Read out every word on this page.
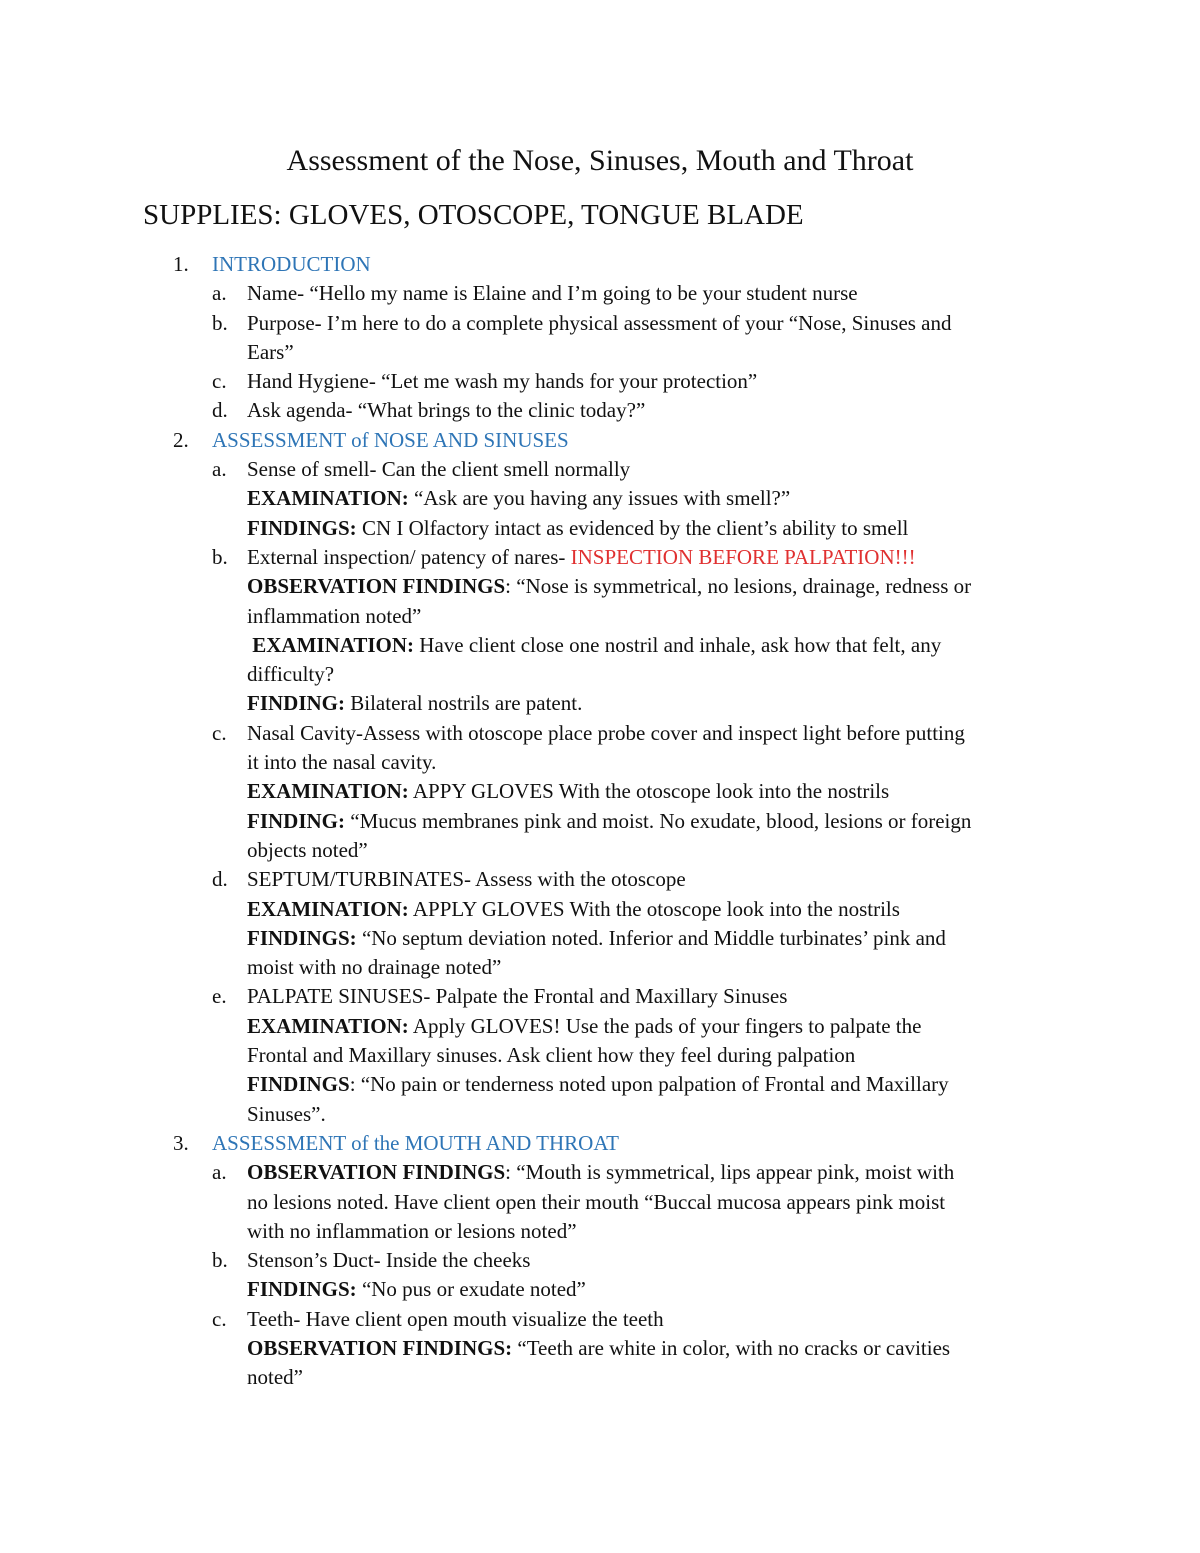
Assessment of the Nose, Sinuses, Mouth and Throat

SUPPLIES: GLOVES, OTOSCOPE, TONGUE BLADE

1. INTRODUCTION
a. Name- “Hello my name is Elaine and I’m going to be your student nurse
b. Purpose- I’m here to do a complete physical assessment of your “Nose, Sinuses and
Ears”
c. Hand Hygiene- “Let me wash my hands for your protection”
d. Ask agenda- “What brings to the clinic today?”
2. ASSESSMENT of NOSE AND SINUSES
a. Sense of smell- Can the client smell normally
EXAMINATION: “Ask are you having any issues with smell?”
FINDINGS: CN I Olfactory intact as evidenced by the client’s ability to smell
b. External inspection/ patency of nares- INSPECTION BEFORE PALPATION!!!
OBSERVATION FINDINGS: “Nose is symmetrical, no lesions, drainage, redness or
inflammation noted”
EXAMINATION: Have client close one nostril and inhale, ask how that felt, any
difficulty?
FINDING: Bilateral nostrils are patent.
c. Nasal Cavity-Assess with otoscope place probe cover and inspect light before putting
it into the nasal cavity.
EXAMINATION: APPY GLOVES With the otoscope look into the nostrils
FINDING: “Mucus membranes pink and moist. No exudate, blood, lesions or foreign
objects noted”
d. SEPTUM/TURBINATES- Assess with the otoscope
EXAMINATION: APPLY GLOVES With the otoscope look into the nostrils
FINDINGS: “No septum deviation noted. Inferior and Middle turbinates’ pink and
moist with no drainage noted”
e. PALPATE SINUSES- Palpate the Frontal and Maxillary Sinuses
EXAMINATION: Apply GLOVES! Use the pads of your fingers to palpate the
Frontal and Maxillary sinuses. Ask client how they feel during palpation
FINDINGS: “No pain or tenderness noted upon palpation of Frontal and Maxillary
Sinuses”.
3. ASSESSMENT of the MOUTH AND THROAT
a. OBSERVATION FINDINGS: “Mouth is symmetrical, lips appear pink, moist with
no lesions noted. Have client open their mouth “Buccal mucosa appears pink moist
with no inflammation or lesions noted”
b. Stenson’s Duct- Inside the cheeks
FINDINGS: “No pus or exudate noted”
c. Teeth- Have client open mouth visualize the teeth
OBSERVATION FINDINGS: “Teeth are white in color, with no cracks or cavities
noted”
